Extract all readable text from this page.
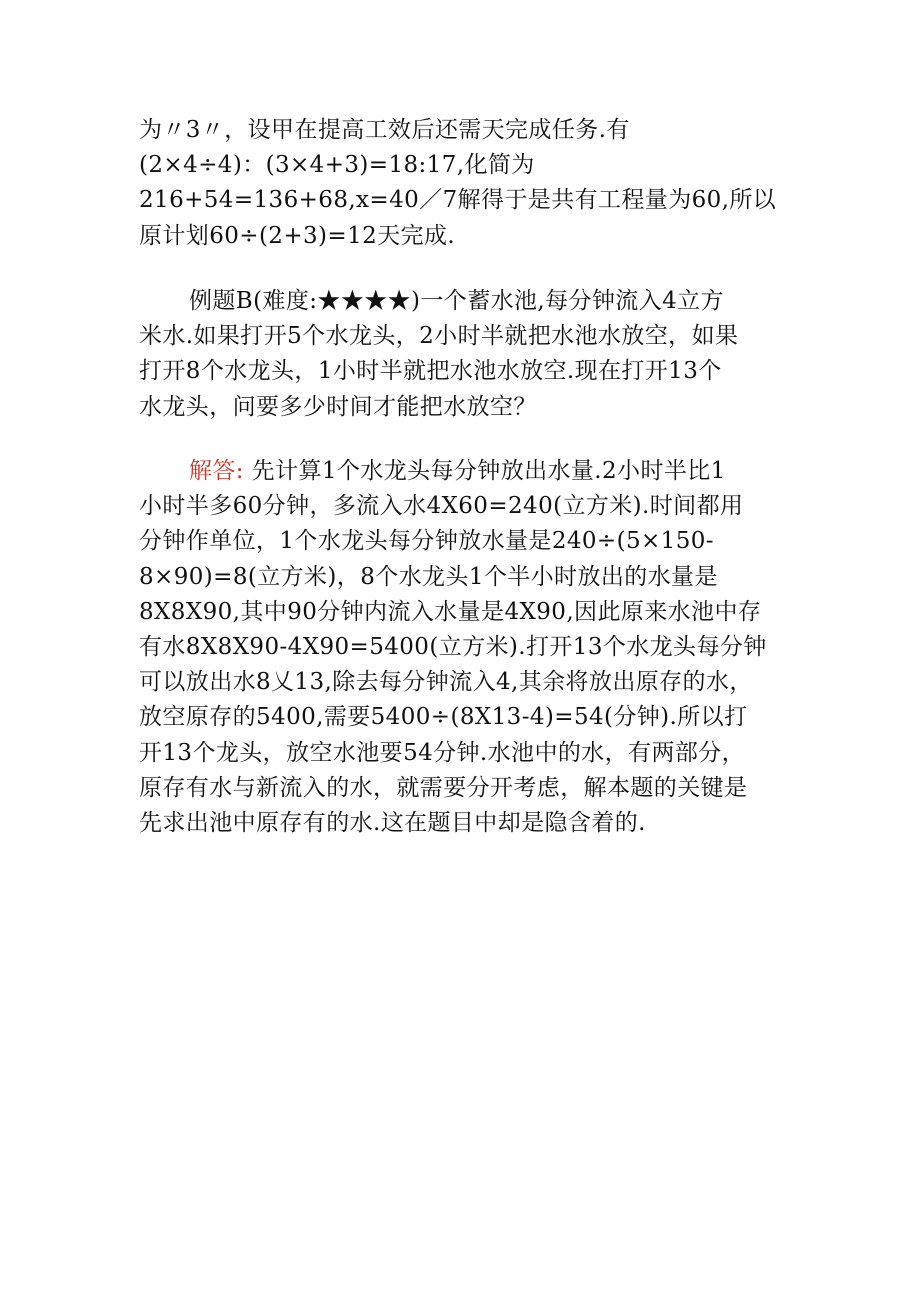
为〃3〃，设甲在提高工效后还需天完成任务.有
(2×4÷4)：(3×4+3)=18:17,化简为
216+54=136+68,x=40／7解得于是共有工程量为60,所以
原计划60÷(2+3)=12天完成.
例题B(难度:★★★★)一个蓄水池,每分钟流入4立方
米水.如果打开5个水龙头，2小时半就把水池水放空，如果
打开8个水龙头，1小时半就把水池水放空.现在打开13个
水龙头，问要多少时间才能把水放空？
解答: 先计算1个水龙头每分钟放出水量.2小时半比1
小时半多60分钟，多流入水4X60=240(立方米).时间都用
分钟作单位，1个水龙头每分钟放水量是240÷(5×150-
8×90)=8(立方米)，8个水龙头1个半小时放出的水量是
8X8X90,其中90分钟内流入水量是4X90,因此原来水池中存
有水8X8X90-4X90=5400(立方米).打开13个水龙头每分钟
可以放出水8乂13,除去每分钟流入4,其余将放出原存的水，
放空原存的5400,需要5400÷(8X13-4)=54(分钟).所以打
开13个龙头，放空水池要54分钟.水池中的水，有两部分，
原存有水与新流入的水，就需要分开考虑，解本题的关键是
先求出池中原存有的水.这在题目中却是隐含着的.
